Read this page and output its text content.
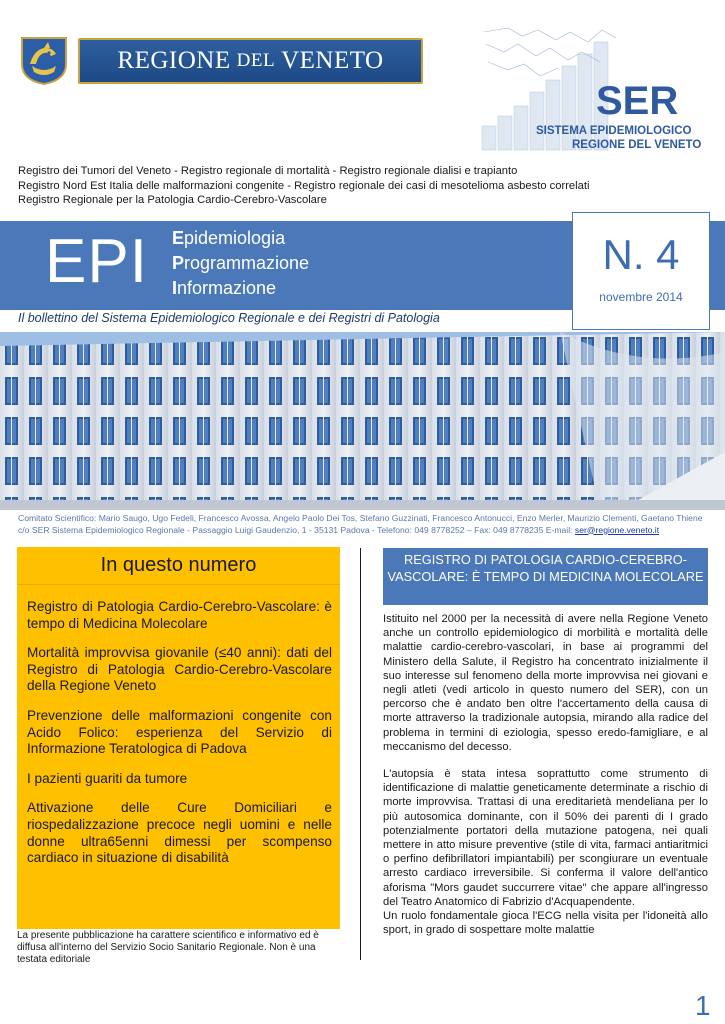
REGIONE DEL VENETO
SER
SISTEMA EPIDEMIOLOGICO
REGIONE DEL VENETO
Registro dei Tumori del Veneto - Registro regionale di mortalità - Registro regionale dialisi e trapianto
Registro Nord Est Italia delle malformazioni congenite - Registro regionale dei casi di mesotelioma asbesto correlati
Registro Regionale per la Patologia Cardio-Cerebro-Vascolare
EPI Epidemiologia
Programmazione
Informazione
N. 4
novembre 2014
Il bollettino del Sistema Epidemiologico Regionale e dei Registri di Patologia
Comitato Scientifico: Mario Saugo, Ugo Fedeli, Francesco Avossa, Angelo Paolo Dei Tos, Stefano Guzzinati, Francesco Antonucci, Enzo Merler, Maurizio Clementi, Gaetano Thiene
c/o SER Sistema Epidemiologico Regionale - Passaggio Luigi Gaudenzio, 1 - 35131 Padova - Telefono: 049 8778252 – Fax: 049 8778235 E-mail: ser@regione.veneto.it
In questo numero
Registro di Patologia Cardio-Cerebro-Vascolare: è tempo di Medicina Molecolare
Mortalità improvvisa giovanile (≤40 anni): dati del Registro di Patologia Cardio-Cerebro-Vascolare della Regione Veneto
Prevenzione delle malformazioni congenite con Acido Folico: esperienza del Servizio di Informazione Teratologica di Padova
I pazienti guariti da tumore
Attivazione delle Cure Domiciliari e riospedalizzazione precoce negli uomini e nelle donne ultra65enni dimessi per scompenso cardiaco in situazione di disabilità
La presente pubblicazione ha carattere scientifico e informativo ed è diffusa all'interno del Servizio Socio Sanitario Regionale. Non è una testata editoriale
REGISTRO DI PATOLOGIA CARDIO-CEREBRO-VASCOLARE: È TEMPO DI MEDICINA MOLECOLARE

Istituito nel 2000 per la necessità di avere nella Regione Veneto anche un controllo epidemiologico di morbilità e mortalità delle malattie cardio-cerebro-vascolari, in base ai programmi del Ministero della Salute, il Registro ha concentrato inizialmente il suo interesse sul fenomeno della morte improvvisa nei giovani e negli atleti (vedi articolo in questo numero del SER), con un percorso che è andato ben oltre l'accertamento della causa di morte attraverso la tradizionale autopsia, mirando alla radice del problema in termini di eziologia, spesso eredo-famigliare, e al meccanismo del decesso.

L'autopsia è stata intesa soprattutto come strumento di identificazione di malattie geneticamente determinate a rischio di morte improvvisa. Trattasi di una ereditarietà mendeliana per lo più autosomica dominante, con il 50% dei parenti di I grado potenzialmente portatori della mutazione patogena, nei quali mettere in atto misure preventive (stile di vita, farmaci antiaritmici o perfino defibrillatori impiantabili) per scongiurare un eventuale arresto cardiaco irreversibile. Si conferma il valore dell'antico aforisma "Mors gaudet succurrere vitae" che appare all'ingresso del Teatro Anatomico di Fabrizio d'Acquapendente.

Un ruolo fondamentale gioca l'ECG nella visita per l'idoneità allo sport, in grado di sospettare molte malattie

1
